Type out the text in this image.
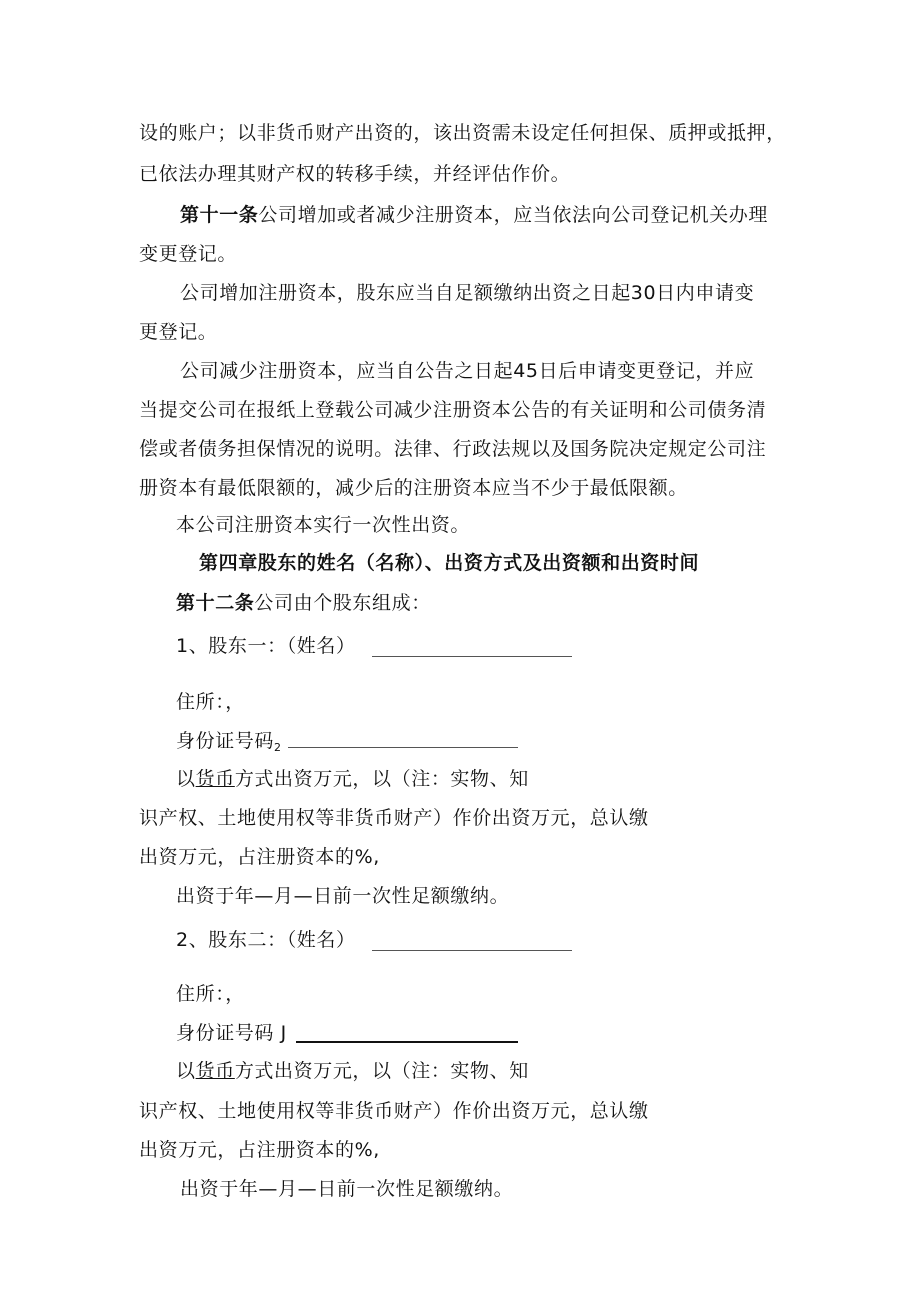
设的账户；以非货币财产出资的，该出资需未设定任何担保、质押或抵押，
已依法办理其财产权的转移手续，并经评估作价。
第十一条公司增加或者减少注册资本，应当依法向公司登记机关办理
变更登记。
公司增加注册资本，股东应当自足额缴纳出资之日起30日内申请变
更登记。
公司减少注册资本，应当自公告之日起45日后申请变更登记，并应
当提交公司在报纸上登载公司减少注册资本公告的有关证明和公司债务清
偿或者债务担保情况的说明。法律、行政法规以及国务院决定规定公司注
册资本有最低限额的，减少后的注册资本应当不少于最低限额。
本公司注册资本实行一次性出资。
第四章股东的姓名（名称）、出资方式及出资额和出资时间
第十二条公司由个股东组成：
1、股东一：（姓名）
住所：，
身份证号码$_2$
以货币方式出资万元，以（注：实物、知
识产权、土地使用权等非货币财产）作价出资万元，总认缴
出资万元，占注册资本的%,
出资于年—月—日前一次性足额缴纳。
2、股东二：（姓名）
住所：，
身份证号码 J
以货币方式出资万元，以（注：实物、知
识产权、土地使用权等非货币财产）作价出资万元，总认缴
出资万元，占注册资本的%,
出资于年—月—日前一次性足额缴纳。
